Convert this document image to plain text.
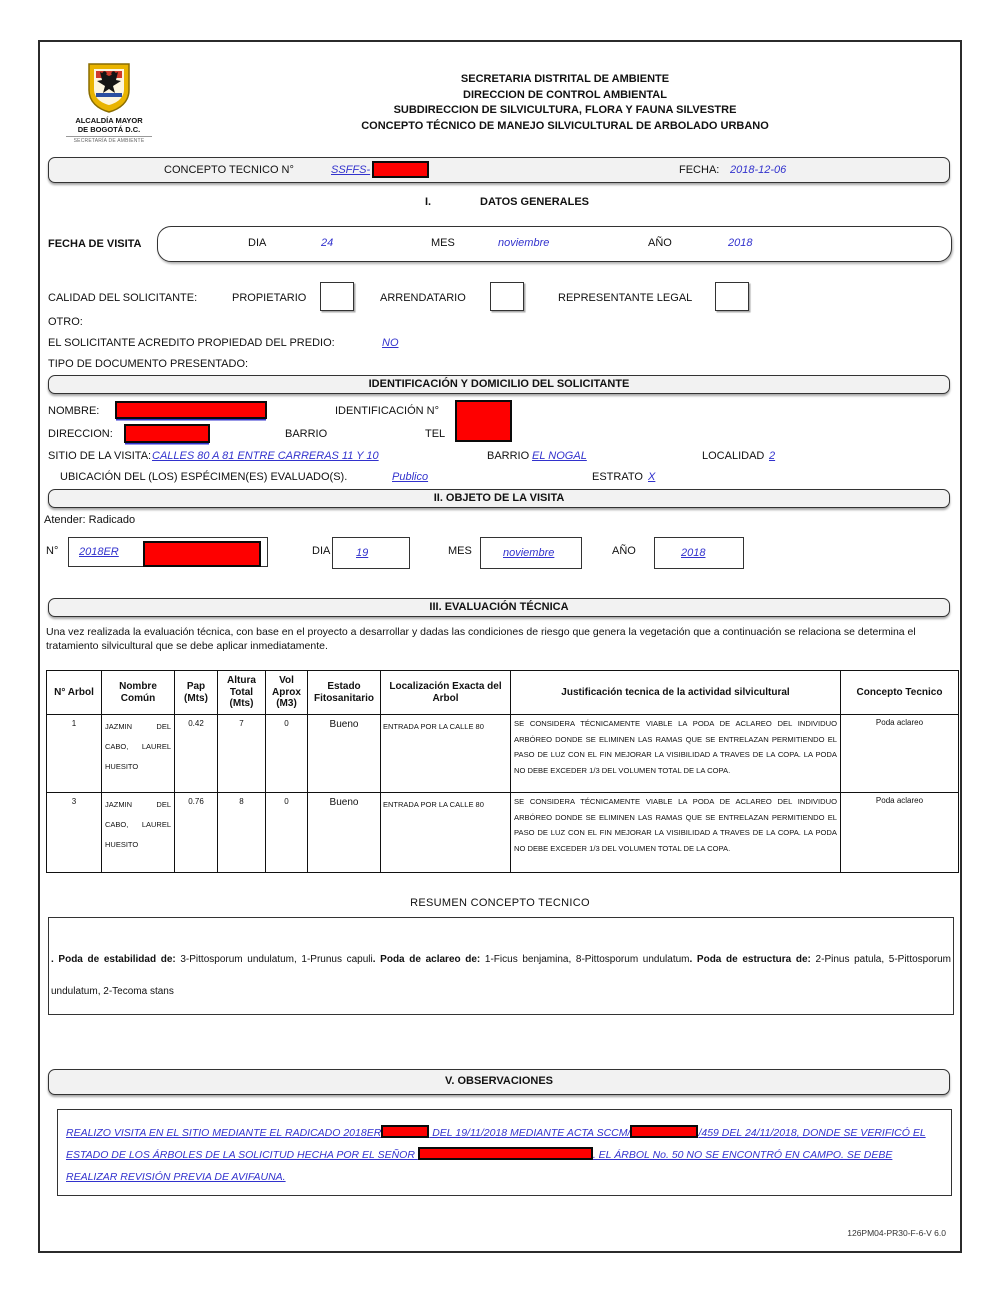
ALCALDÍA MAYOR
DE BOGOTÁ D.C.
SECRETARÍA DE AMBIENTE
SECRETARIA DISTRITAL DE AMBIENTE
DIRECCION DE CONTROL AMBIENTAL
SUBDIRECCION DE SILVICULTURA, FLORA Y FAUNA SILVESTRE
CONCEPTO TÉCNICO DE MANEJO SILVICULTURAL DE ARBOLADO URBANO
CONCEPTO TECNICO N°	SSFFS-	FECHA: 2018-12-06
I.	DATOS GENERALES
FECHA DE VISITA	DIA	24	MES	noviembre	AÑO	2018
CALIDAD DEL SOLICITANTE:	PROPIETARIO	ARRENDATARIO	REPRESENTANTE LEGAL
OTRO:
EL SOLICITANTE ACREDITO PROPIEDAD DEL PREDIO:	NO
TIPO DE DOCUMENTO PRESENTADO:
IDENTIFICACIÓN Y DOMICILIO DEL SOLICITANTE
NOMBRE:	IDENTIFICACIÓN N°
DIRECCION:	BARRIO	TEL
SITIO DE LA VISITA: CALLES 80 A 81 ENTRE CARRERAS 11 Y 10	BARRIO EL NOGAL	LOCALIDAD 2
UBICACIÓN DEL (LOS) ESPÉCIMEN(ES) EVALUADO(S).	Publico	ESTRATO X
II. OBJETO DE LA VISITA
Atender: Radicado
N° 2018ER	DIA 19	MES	noviembre	AÑO	2018
III. EVALUACIÓN TÉCNICA
Una vez realizada la evaluación técnica, con base en el proyecto a desarrollar y dadas las condiciones de riesgo que genera la vegetación que a continuación se relaciona se determina el tratamiento silvicultural que se debe aplicar inmediatamente.
N° Arbol	Nombre Común	Pap (Mts)	Altura Total (Mts)	Vol Aprox (M3)	Estado Fitosanitario	Localización Exacta del Arbol	Justificación tecnica de la actividad silvicultural	Concepto Tecnico
1	JAZMIN DEL CABO, LAUREL HUESITO	0.42	7	0	Bueno	ENTRADA POR LA CALLE 80	SE CONSIDERA TÉCNICAMENTE VIABLE LA PODA DE ACLAREO DEL INDIVIDUO ARBÓREO DONDE SE ELIMINEN LAS RAMAS QUE SE ENTRELAZAN PERMITIENDO EL PASO DE LUZ CON EL FIN MEJORAR LA VISIBILIDAD A TRAVES DE LA COPA. LA PODA NO DEBE EXCEDER 1/3 DEL VOLUMEN TOTAL DE LA COPA.	Poda aclareo
3	JAZMIN DEL CABO, LAUREL HUESITO	0.76	8	0	Bueno	ENTRADA POR LA CALLE 80	SE CONSIDERA TÉCNICAMENTE VIABLE LA PODA DE ACLAREO DEL INDIVIDUO ARBÓREO DONDE SE ELIMINEN LAS RAMAS QUE SE ENTRELAZAN PERMITIENDO EL PASO DE LUZ CON EL FIN MEJORAR LA VISIBILIDAD A TRAVES DE LA COPA. LA PODA NO DEBE EXCEDER 1/3 DEL VOLUMEN TOTAL DE LA COPA.	Poda aclareo
RESUMEN CONCEPTO TECNICO
. Poda de estabilidad de: 3-Pittosporum undulatum, 1-Prunus capuli. Poda de aclareo de: 1-Ficus benjamina, 8-Pittosporum undulatum. Poda de estructura de: 2-Pinus patula, 5-Pittosporum undulatum, 2-Tecoma stans
V. OBSERVACIONES
REALIZO VISITA EN EL SITIO MEDIANTE EL RADICADO 2018ER	DEL 19/11/2018 MEDIANTE ACTA SCCM/	/459 DEL 24/11/2018, DONDE SE VERIFICÓ EL ESTADO DE LOS ÁRBOLES DE LA SOLICITUD HECHA POR EL SEÑOR	. EL ÁRBOL No. 50 NO SE ENCONTRÓ EN CAMPO. SE DEBE REALIZAR REVISIÓN PREVIA DE AVIFAUNA.
126PM04-PR30-F-6-V 6.0
